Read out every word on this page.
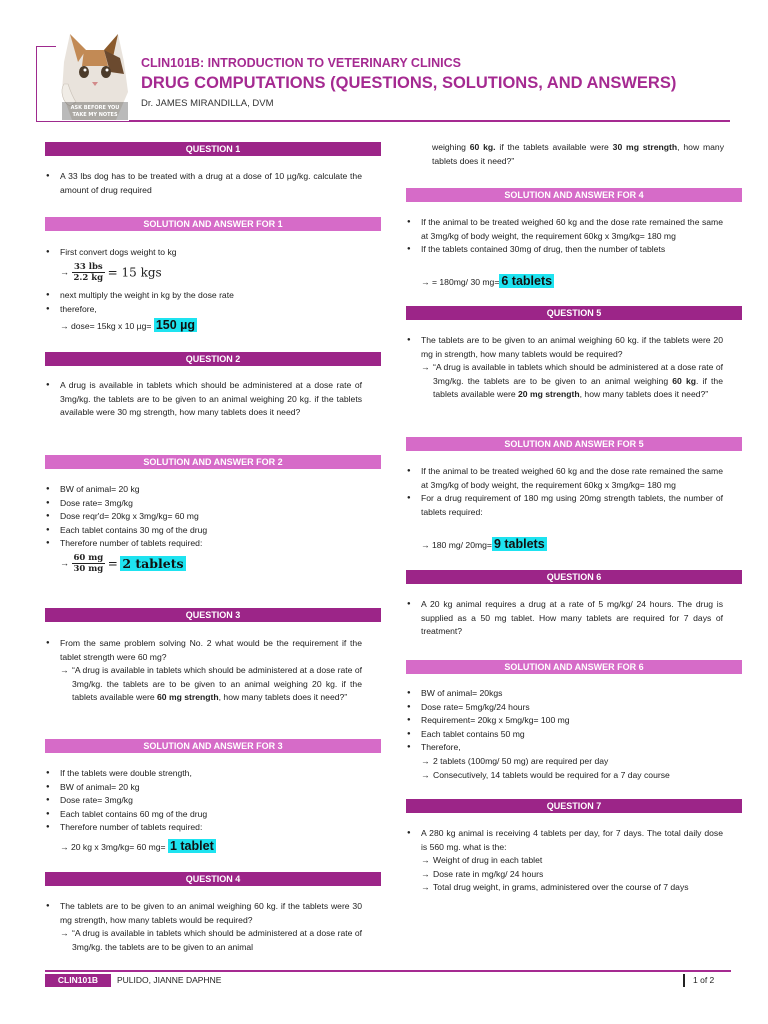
ASK BEFORE YOU
TAKE MY NOTES
CLIN101B: INTRODUCTION TO VETERINARY CLINICS
DRUG COMPUTATIONS (QUESTIONS, SOLUTIONS, AND ANSWERS)
Dr. JAMES MIRANDILLA, DVM
QUESTION 1
● A 33 lbs dog has to be treated with a drug at a dose of 10 µg/kg. calculate the amount of drug required
SOLUTION AND ANSWER FOR 1
● First convert dogs weight to kg
→ $\frac{\text{33 lbs}}{2.2 kg} = 15$ kgs
● next multiply the weight in kg by the dose rate
● therefore,
→ dose= 15kg x 10 µg= 150 µg
QUESTION 2
● A drug is available in tablets which should be administered at a dose rate of 3mg/kg. the tablets are to be given to an animal weighing 20 kg. if the tablets available were 30 mg strength, how many tablets does it need?
SOLUTION AND ANSWER FOR 2
● BW of animal= 20 kg
● Dose rate= 3mg/kg
● Dose reqr'd= 20kg x 3mg/kg= 60 mg
● Each tablet contains 30 mg of the drug
● Therefore number of tablets required:
→ $\frac{60 mg}{30 mg} = 2$ tablets
QUESTION 3
● From the same problem solving No. 2 what would be the requirement if the tablet strength were 60 mg?
→ “A drug is available in tablets which should be administered at a dose rate of 3mg/kg. the tablets are to be given to an animal weighing 20 kg. if the tablets available were 60 mg strength, how many tablets does it need?”
SOLUTION AND ANSWER FOR 3
● If the tablets were double strength,
● BW of animal= 20 kg
● Dose rate= 3mg/kg
● Each tablet contains 60 mg of the drug
● Therefore number of tablets required:
→ 20 kg x 3mg/kg= 60 mg= 1 tablet
QUESTION 4
● The tablets are to be given to an animal weighing 60 kg. if the tablets were 30 mg strength, how many tablets would be required?
→ “A drug is available in tablets which should be administered at a dose rate of 3mg/kg. the tablets are to be given to an animal
weighing 60 kg. if the tablets available were 30 mg strength, how many tablets does it need?”
SOLUTION AND ANSWER FOR 4
● If the animal to be treated weighed 60 kg and the dose rate remained the same at 3mg/kg of body weight, the requirement 60kg x 3mg/kg= 180 mg
● If the tablets contained 30mg of drug, then the number of tablets
→ = 180mg/ 30 mg= 6 tablets
QUESTION 5
● The tablets are to be given to an animal weighing 60 kg. if the tablets were 20 mg in strength, how many tablets would be required?
→ “A drug is available in tablets which should be administered at a dose rate of 3mg/kg. the tablets are to be given to an animal weighing 60 kg. if the tablets available were 20 mg strength, how many tablets does it need?”
SOLUTION AND ANSWER FOR 5
● If the animal to be treated weighed 60 kg and the dose rate remained the same at 3mg/kg of body weight, the requirement 60kg x 3mg/kg= 180 mg
● For a drug requirement of 180 mg using 20mg strength tablets, the number of tablets required:
→ 180 mg/ 20mg= 9 tablets
QUESTION 6
● A 20 kg animal requires a drug at a rate of 5 mg/kg/ 24 hours. The drug is supplied as a 50 mg tablet. How many tablets are required for 7 days of treatment?
SOLUTION AND ANSWER FOR 6
● BW of animal= 20kgs
● Dose rate= 5mg/kg/24 hours
● Requirement= 20kg x 5mg/kg= 100 mg
● Each tablet contains 50 mg
● Therefore,
→ 2 tablets (100mg/ 50 mg) are required per day
→ Consecutively, 14 tablets would be required for a 7 day course
QUESTION 7
● A 280 kg animal is receiving 4 tablets per day, for 7 days. The total daily dose is 560 mg. what is the:
→ Weight of drug in each tablet
→ Dose rate in mg/kg/ 24 hours
→ Total drug weight, in grams, administered over the course of 7 days
CLIN101B	PULIDO, JIANNE DAPHNE	1 of 2
